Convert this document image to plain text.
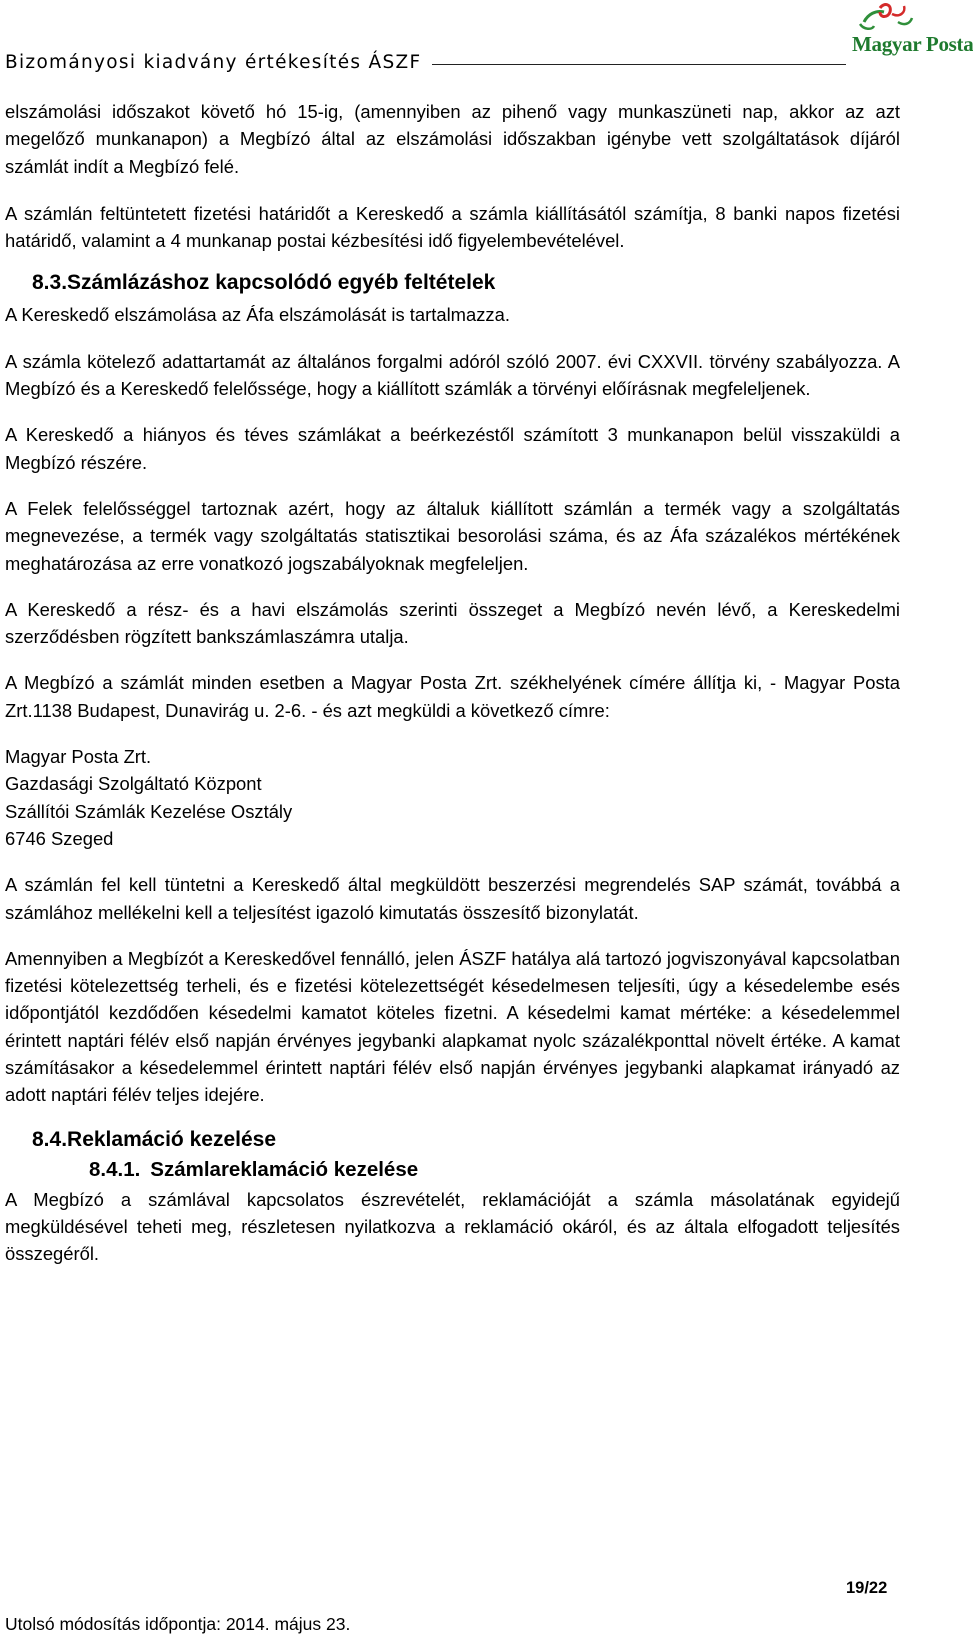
Bizományosi kiadvány értékesítés ÁSZF
Magyar Posta

elszámolási időszakot követő hó 15-ig, (amennyiben az pihenő vagy munkaszüneti nap, akkor az azt megelőző munkanapon) a Megbízó által az elszámolási időszakban igénybe vett szolgáltatások díjáról számlát indít a Megbízó felé.

A számlán feltüntetett fizetési határidőt a Kereskedő a számla kiállításától számítja, 8 banki napos fizetési határidő, valamint a 4 munkanap postai kézbesítési idő figyelembevételével.

8.3.Számlázáshoz kapcsolódó egyéb feltételek

A Kereskedő elszámolása az Áfa elszámolását is tartalmazza.

A számla kötelező adattartamát az általános forgalmi adóról szóló 2007. évi CXXVII. törvény szabályozza. A Megbízó és a Kereskedő felelőssége, hogy a kiállított számlák a törvényi előírásnak megfeleljenek.

A Kereskedő a hiányos és téves számlákat a beérkezéstől számított 3 munkanapon belül visszaküldi a Megbízó részére.

A Felek felelősséggel tartoznak azért, hogy az általuk kiállított számlán a termék vagy a szolgáltatás megnevezése, a termék vagy szolgáltatás statisztikai besorolási száma, és az Áfa százalékos mértékének meghatározása az erre vonatkozó jogszabályoknak megfeleljen.

A Kereskedő a rész- és a havi elszámolás szerinti összeget a Megbízó nevén lévő, a Kereskedelmi szerződésben rögzített bankszámlaszámra utalja.

A Megbízó a számlát minden esetben a Magyar Posta Zrt. székhelyének címére állítja ki, - Magyar Posta Zrt.1138 Budapest, Dunavirág u. 2-6. - és azt megküldi a következő címre:

Magyar Posta Zrt.

Gazdasági Szolgáltató Központ

Szállítói Számlák Kezelése Osztály

6746 Szeged

A számlán fel kell tüntetni a Kereskedő által megküldött beszerzési megrendelés SAP számát, továbbá a számlához mellékelni kell a teljesítést igazoló kimutatás összesítő bizonylatát.

Amennyiben a Megbízót a Kereskedővel fennálló, jelen ÁSZF hatálya alá tartozó jogviszonyával kapcsolatban fizetési kötelezettség terheli, és e fizetési kötelezettségét késedelmesen teljesíti, úgy a késedelembe esés időpontjától kezdődően késedelmi kamatot köteles fizetni. A késedelmi kamat mértéke: a késedelemmel érintett naptári félév első napján érvényes jegybanki alapkamat nyolc százalékponttal növelt értéke. A kamat számításakor a késedelemmel érintett naptári félév első napján érvényes jegybanki alapkamat irányadó az adott naptári félév teljes idejére.

8.4.Reklamáció kezelése
8.4.1. Számlareklamáció kezelése

A Megbízó a számlával kapcsolatos észrevételét, reklamációját a számla másolatának egyidejű megküldésével teheti meg, részletesen nyilatkozva a reklamáció okáról, és az általa elfogadott teljesítés összegéről.

19/22
Utolsó módosítás időpontja: 2014. május 23.
